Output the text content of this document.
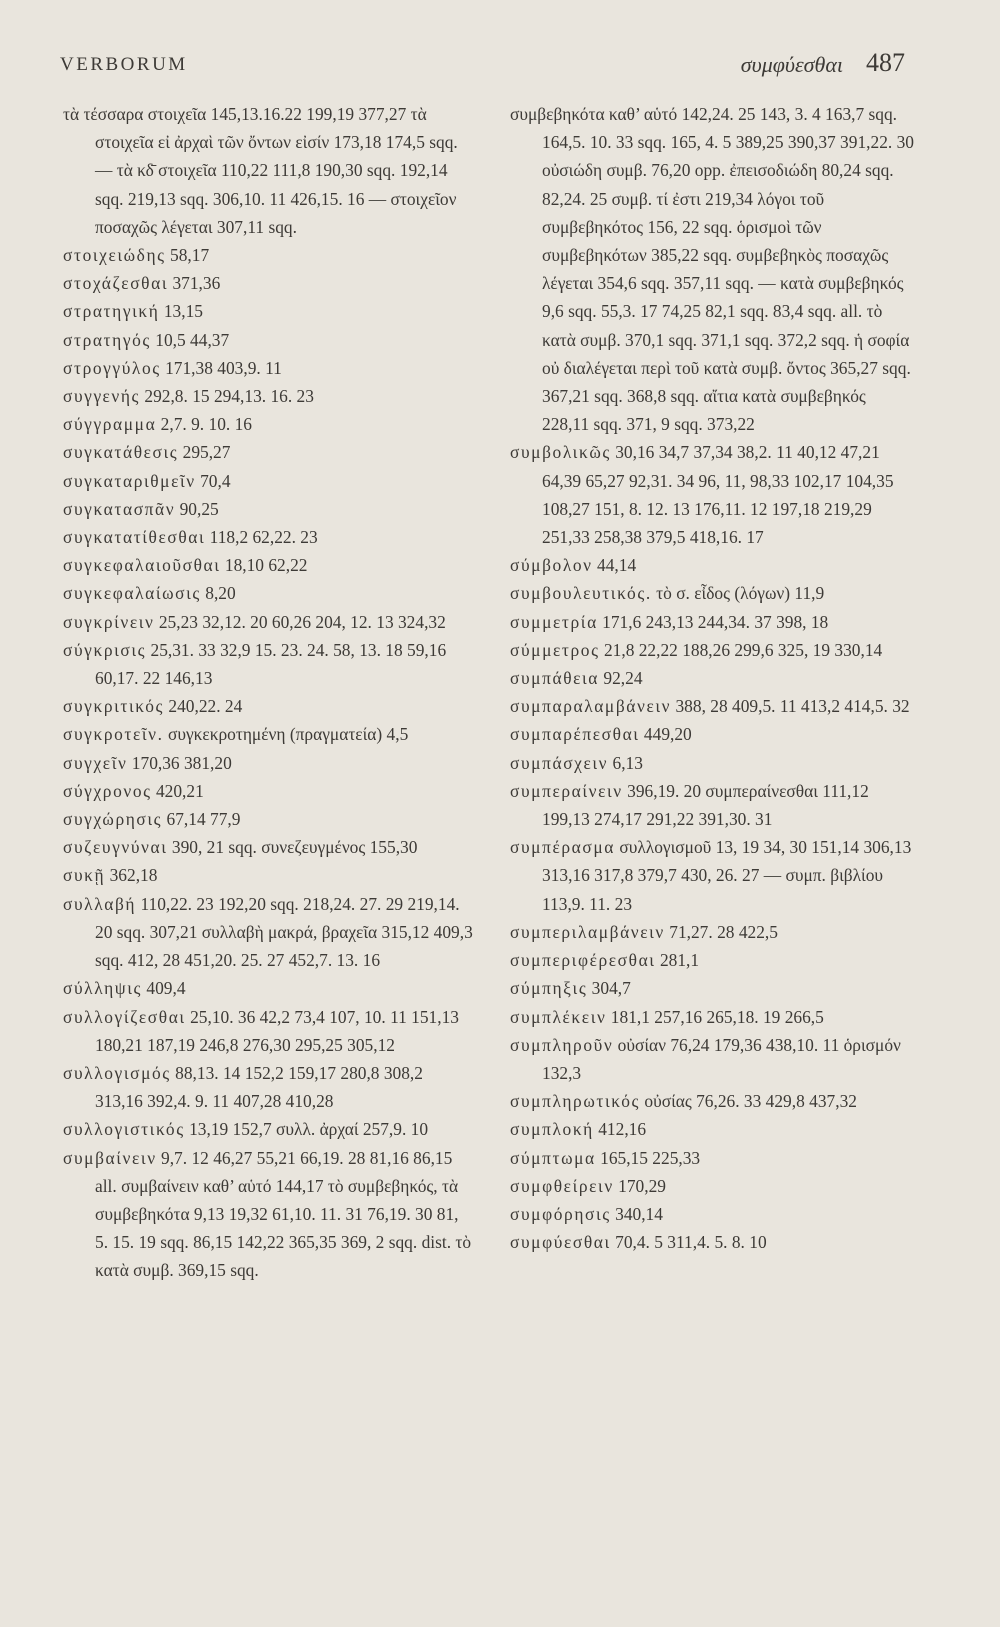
VERBORUM	συμφύεσθαι 487

τὰ τέσσαρα στοιχεῖα 145,13.16.22 199,19 377,27 τὰ στοιχεῖα εἰ ἀρχαὶ τῶν ὄντων εἰσίν 173,18 174,5 sqq. — τὰ κδ̄ στοιχεῖα 110,22 111,8 190,30 sqq. 192,14 sqq. 219,13 sqq. 306,10. 11 426,15. 16 — στοιχεῖον ποσαχῶς λέγεται 307,11 sqq.

στοιχειώδης 58,17

στοχάζεσθαι 371,36

στρατηγική 13,15

στρατηγός 10,5 44,37

στρογγύλος 171,38 403,9. 11

συγγενής 292,8. 15 294,13. 16. 23

σύγγραμμα 2,7. 9. 10. 16

συγκατάθεσις 295,27

συγκαταριθμεῖν 70,4

συγκατασπᾶν 90,25

συγκατατίθεσθαι 118,2 62,22. 23

συγκεφαλαιοῦσθαι 18,10 62,22

συγκεφαλαίωσις 8,20

συγκρίνειν 25,23 32,12. 20 60,26 204, 12. 13 324,32

σύγκρισις 25,31. 33 32,9 15. 23. 24. 58, 13. 18 59,16 60,17. 22 146,13

συγκριτικός 240,22. 24

συγκροτεῖν. συγκεκροτημένη (πραγματεία) 4,5

συγχεῖν 170,36 381,20

σύγχρονος 420,21

συγχώρησις 67,14 77,9

συζευγνύναι 390, 21 sqq. συνεζευγμένος 155,30

συκῇ 362,18

συλλαβή 110,22. 23 192,20 sqq. 218,24. 27. 29 219,14. 20 sqq. 307,21 συλλαβὴ μακρά, βραχεῖα 315,12 409,3 sqq. 412, 28 451,20. 25. 27 452,7. 13. 16

σύλληψις 409,4

συλλογίζεσθαι 25,10. 36 42,2 73,4 107, 10. 11 151,13 180,21 187,19 246,8 276,30 295,25 305,12

συλλογισμός 88,13. 14 152,2 159,17 280,8 308,2 313,16 392,4. 9. 11 407,28 410,28

συλλογιστικός 13,19 152,7 συλλ. ἀρχαί 257,9. 10

συμβαίνειν 9,7. 12 46,27 55,21 66,19. 28 81,16 86,15 all. συμβαίνειν καθ’ αὑτό 144,17 τὸ συμβεβηκός, τὰ συμβεβηκότα 9,13 19,32 61,10. 11. 31 76,19. 30 81, 5. 15. 19 sqq. 86,15 142,22 365,35 369, 2 sqq. dist. τὸ κατὰ συμβ. 369,15 sqq.

συμβεβηκότα καθ’ αὑτό 142,24. 25 143, 3. 4 163,7 sqq. 164,5. 10. 33 sqq. 165, 4. 5 389,25 390,37 391,22. 30 οὐσιώδη συμβ. 76,20 opp. ἐπεισοδιώδη 80,24 sqq. 82,24. 25 συμβ. τί ἐστι 219,34 λόγοι τοῦ συμβεβηκότος 156, 22 sqq. ὁρισμοὶ τῶν συμβεβηκότων 385,22 sqq. συμβεβηκὸς ποσαχῶς λέγεται 354,6 sqq. 357,11 sqq. — κατὰ συμβεβηκός 9,6 sqq. 55,3. 17 74,25 82,1 sqq. 83,4 sqq. all. τὸ κατὰ συμβ. 370,1 sqq. 371,1 sqq. 372,2 sqq. ἡ σοφία οὐ διαλέγεται περὶ τοῦ κατὰ συμβ. ὄντος 365,27 sqq. 367,21 sqq. 368,8 sqq. αἴτια κατὰ συμβεβηκός 228,11 sqq. 371, 9 sqq. 373,22

συμβολικῶς 30,16 34,7 37,34 38,2. 11 40,12 47,21 64,39 65,27 92,31. 34 96, 11, 98,33 102,17 104,35 108,27 151, 8. 12. 13 176,11. 12 197,18 219,29 251,33 258,38 379,5 418,16. 17

σύμβολον 44,14

συμβουλευτικός. τὸ σ. εἶδος (λόγων) 11,9

συμμετρία 171,6 243,13 244,34. 37 398, 18

σύμμετρος 21,8 22,22 188,26 299,6 325, 19 330,14

συμπάθεια 92,24

συμπαραλαμβάνειν 388, 28 409,5. 11 413,2 414,5. 32

συμπαρέπεσθαι 449,20

συμπάσχειν 6,13

συμπεραίνειν 396,19. 20 συμπεραίνεσθαι 111,12 199,13 274,17 291,22 391,30. 31

συμπέρασμα συλλογισμοῦ 13, 19 34, 30 151,14 306,13 313,16 317,8 379,7 430, 26. 27 — συμπ. βιβλίου 113,9. 11. 23

συμπεριλαμβάνειν 71,27. 28 422,5

συμπεριφέρεσθαι 281,1

σύμπηξις 304,7

συμπλέκειν 181,1 257,16 265,18. 19 266,5

συμπληροῦν οὐσίαν 76,24 179,36 438,10. 11 ὁρισμόν 132,3

συμπληρωτικός οὐσίας 76,26. 33 429,8 437,32

συμπλοκή 412,16

σύμπτωμα 165,15 225,33

συμφθείρειν 170,29

συμφόρησις 340,14

συμφύεσθαι 70,4. 5 311,4. 5. 8. 10
